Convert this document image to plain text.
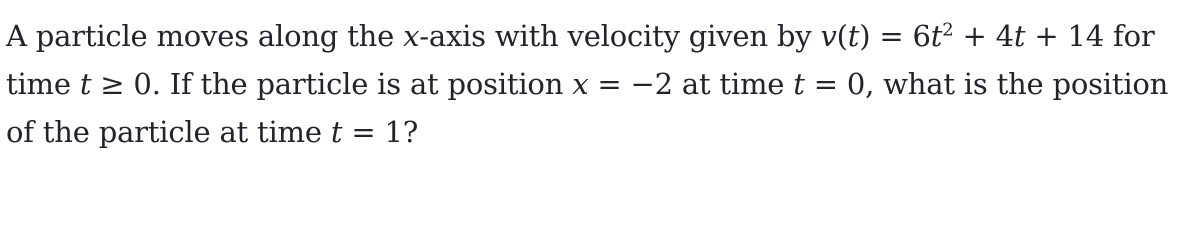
A particle moves along the x-axis with velocity given by $v(t) = 6t^2 + 4t + 14$ for
time t ≥ 0. If the particle is at position x = −2 at time t = 0, what is the position
of the particle at time t = 1?
